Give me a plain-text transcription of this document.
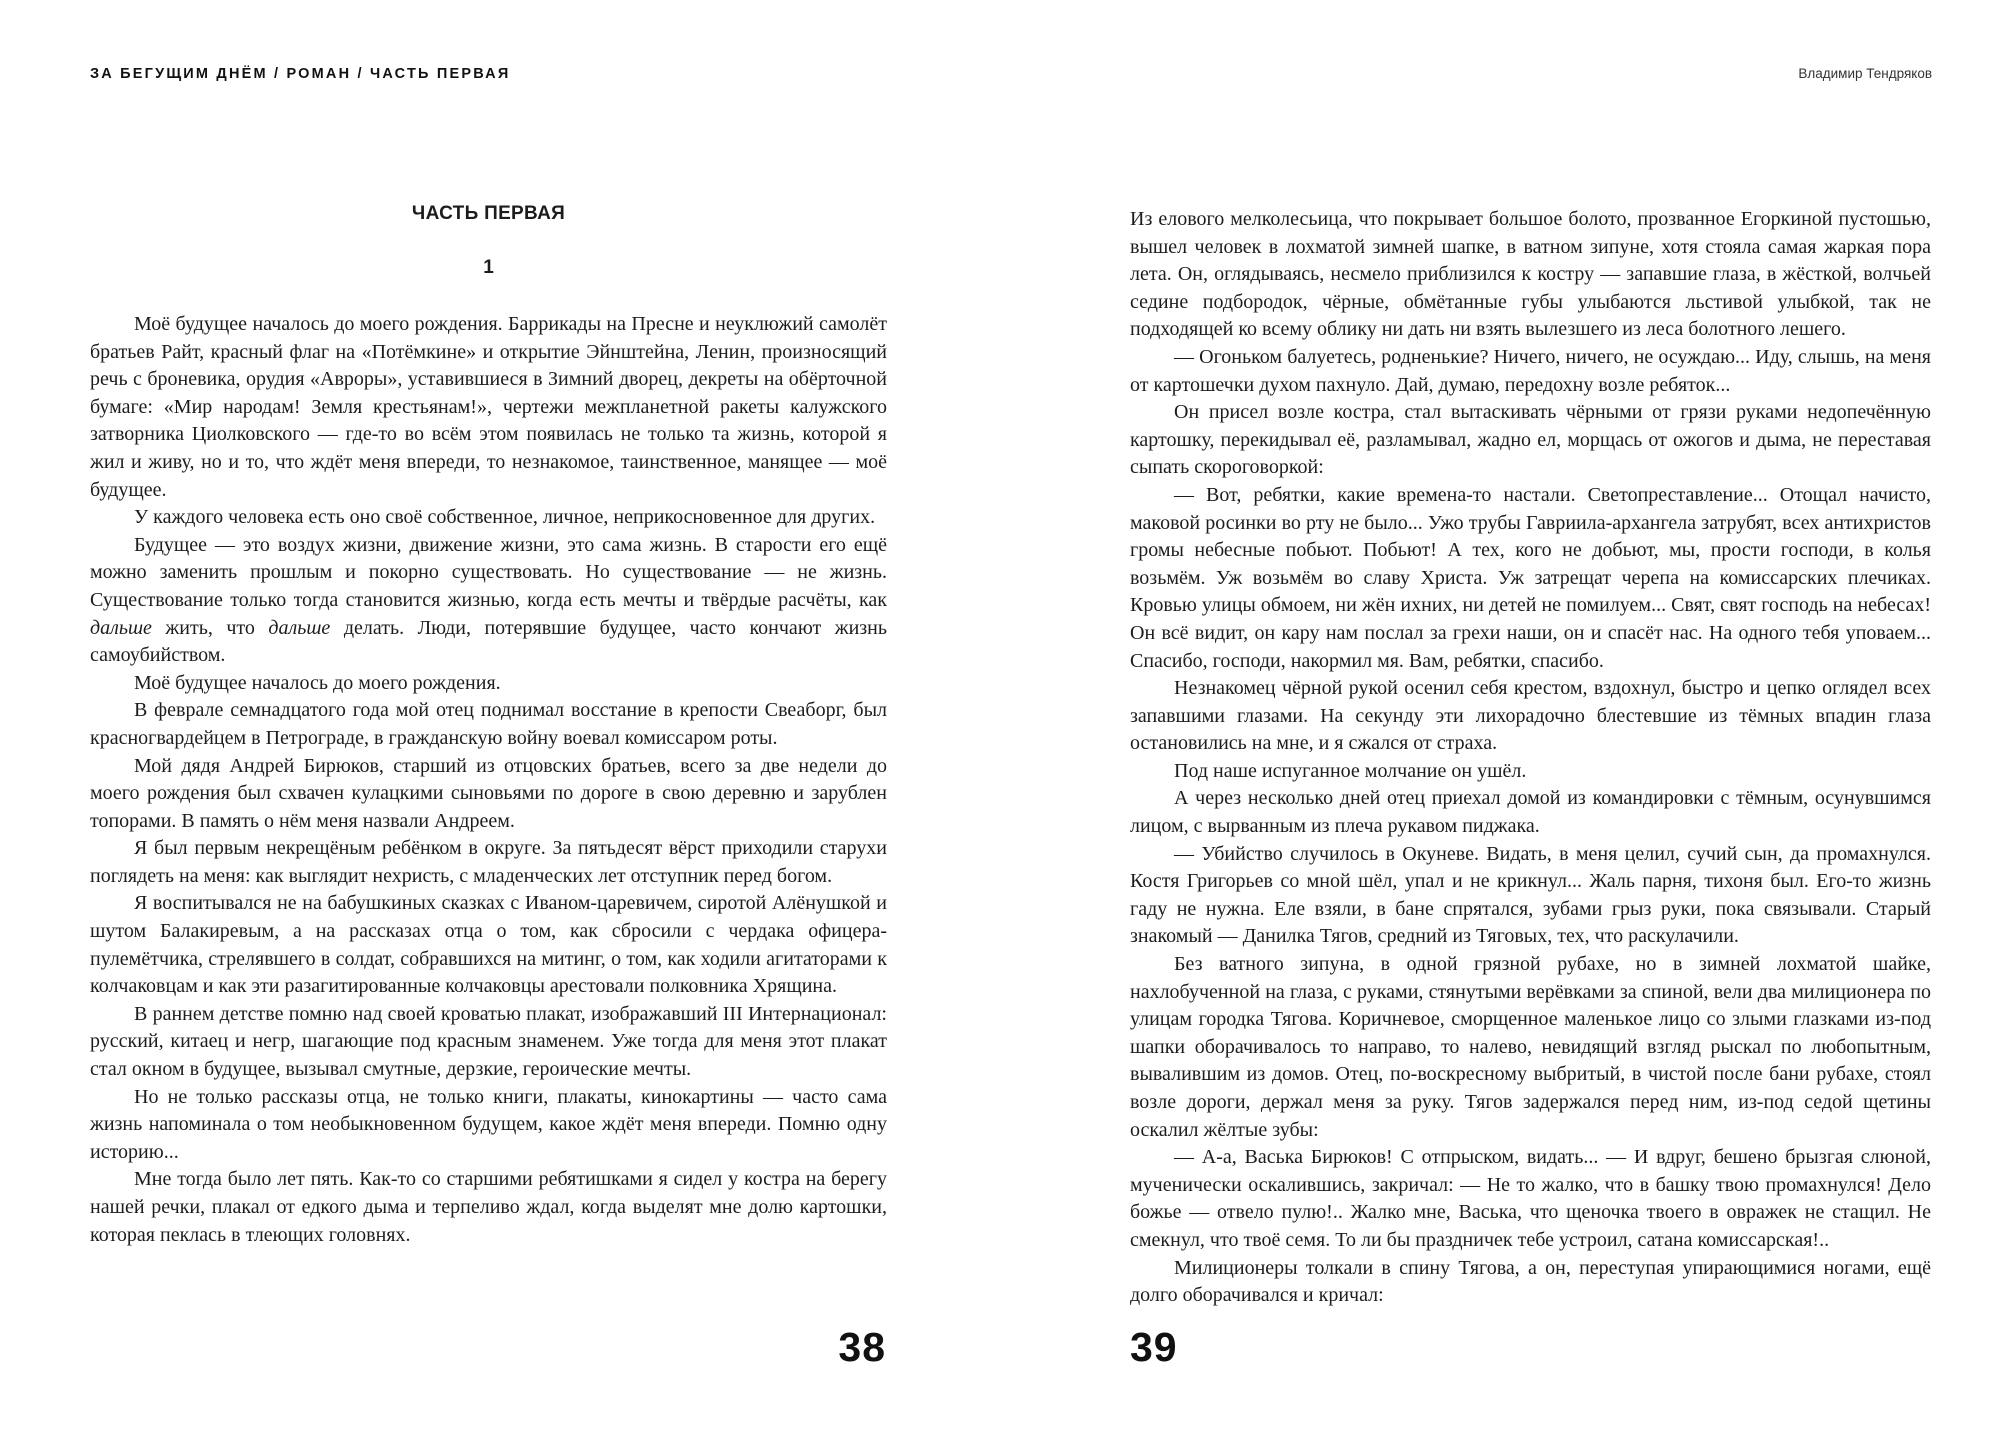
ЗА БЕГУЩИМ ДНЁМ / РОМАН / ЧАСТЬ ПЕРВАЯ
ЧАСТЬ ПЕРВАЯ
1

Моё будущее началось до моего рождения. Баррикады на Пресне и неуклюжий самолёт братьев Райт, красный флаг на «Потёмкине» и открытие Эйнштейна, Ленин, произносящий речь с броневика, орудия «Авроры», уставившиеся в Зимний дворец, декреты на обёрточной бумаге: «Мир народам! Земля крестьянам!», чертежи межпланетной ракеты калужского затворника Циолковского — где-то во всём этом появилась не только та жизнь, которой я жил и живу, но и то, что ждёт меня впереди, то незнакомое, таинственное, манящее — моё будущее.

У каждого человека есть оно своё собственное, личное, неприкосновенное для других.

Будущее — это воздух жизни, движение жизни, это сама жизнь. В старости его ещё можно заменить прошлым и покорно существовать. Но существование — не жизнь. Существование только тогда становится жизнью, когда есть мечты и твёрдые расчёты, как дальше жить, что дальше делать. Люди, потерявшие будущее, часто кончают жизнь самоубийством.

Моё будущее началось до моего рождения.

В феврале семнадцатого года мой отец поднимал восстание в крепости Свеаборг, был красногвардейцем в Петрограде, в гражданскую войну воевал комиссаром роты.

Мой дядя Андрей Бирюков, старший из отцовских братьев, всего за две недели до моего рождения был схвачен кулацкими сыновьями по дороге в свою деревню и зарублен топорами. В память о нём меня назвали Андреем.

Я был первым некрещёным ребёнком в округе. За пятьдесят вёрст приходили старухи поглядеть на меня: как выглядит нехристь, с младенческих лет отступник перед богом.

Я воспитывался не на бабушкиных сказках с Иваном-царевичем, сиротой Алёнушкой и шутом Балакиревым, а на рассказах отца о том, как сбросили с чердака офицера-пулемётчика, стрелявшего в солдат, собравшихся на митинг, о том, как ходили агитаторами к колчаковцам и как эти разагитированные колчаковцы арестовали полковника Хрящина.

В раннем детстве помню над своей кроватью плакат, изображавший III Интернационал: русский, китаец и негр, шагающие под красным знаменем. Уже тогда для меня этот плакат стал окном в будущее, вызывал смутные, дерзкие, героические мечты.

Но не только рассказы отца, не только книги, плакаты, кинокартины — часто сама жизнь напоминала о том необыкновенном будущем, какое ждёт меня впереди. Помню одну историю...

Мне тогда было лет пять. Как-то со старшими ребятишками я сидел у костра на берегу нашей речки, плакал от едкого дыма и терпеливо ждал, когда выделят мне долю картошки, которая пеклась в тлеющих головнях.

38
Владимир Тендряков

Из елового мелколесьица, что покрывает большое болото, прозванное Егоркиной пустошью, вышел человек в лохматой зимней шапке, в ватном зипуне, хотя стояла самая жаркая пора лета. Он, оглядываясь, несмело приблизился к костру — запавшие глаза, в жёсткой, волчьей седине подбородок, чёрные, обмётанные губы улыбаются льстивой улыбкой, так не подходящей ко всему облику ни дать ни взять вылезшего из леса болотного лешего.

— Огоньком балуетесь, родненькие? Ничего, ничего, не осуждаю... Иду, слышь, на меня от картошечки духом пахнуло. Дай, думаю, передохну возле ребяток...

Он присел возле костра, стал вытаскивать чёрными от грязи руками недопечённую картошку, перекидывал её, разламывал, жадно ел, морщась от ожогов и дыма, не переставая сыпать скороговоркой:

— Вот, ребятки, какие времена-то настали. Светопреставление... Отощал начисто, маковой росинки во рту не было... Ужо трубы Гавриила-архангела затрубят, всех антихристов громы небесные побьют. Побьют! А тех, кого не добьют, мы, прости господи, в колья возьмём. Уж возьмём во славу Христа. Уж затрещат черепа на комиссарских плечиках. Кровью улицы обмоем, ни жён ихних, ни детей не помилуем... Свят, свят господь на небесах! Он всё видит, он кару нам послал за грехи наши, он и спасёт нас. На одного тебя уповаем... Спасибо, господи, накормил мя. Вам, ребятки, спасибо.

Незнакомец чёрной рукой осенил себя крестом, вздохнул, быстро и цепко оглядел всех запавшими глазами. На секунду эти лихорадочно блестевшие из тёмных впадин глаза остановились на мне, и я сжался от страха.

Под наше испуганное молчание он ушёл.

А через несколько дней отец приехал домой из командировки с тёмным, осунувшимся лицом, с вырванным из плеча рукавом пиджака.

— Убийство случилось в Окуневе. Видать, в меня целил, сучий сын, да промахнулся. Костя Григорьев со мной шёл, упал и не крикнул... Жаль парня, тихоня был. Его-то жизнь гаду не нужна. Еле взяли, в бане спрятался, зубами грыз руки, пока связывали. Старый знакомый — Данилка Тягов, средний из Тяговых, тех, что раскулачили.

Без ватного зипуна, в одной грязной рубахе, но в зимней лохматой шайке, нахлобученной на глаза, с руками, стянутыми верёвками за спиной, вели два милиционера по улицам городка Тягова. Коричневое, сморщенное маленькое лицо со злыми глазками из-под шапки оборачивалось то направо, то налево, невидящий взгляд рыскал по любопытным, вывалившим из домов. Отец, по-воскресному выбритый, в чистой после бани рубахе, стоял возле дороги, держал меня за руку. Тягов задержался перед ним, из-под седой щетины оскалил жёлтые зубы:

— А-а, Васька Бирюков! С отпрыском, видать... — И вдруг, бешено брызгая слюной, мученически оскалившись, закричал: — Не то жалко, что в башку твою промахнулся! Дело божье — отвело пулю!.. Жалко мне, Васька, что щеночка твоего в овражек не стащил. Не смекнул, что твоё семя. То ли бы праздничек тебе устроил, сатана комиссарская!..

Милиционеры толкали в спину Тягова, а он, переступая упирающимися ногами, ещё долго оборачивался и кричал:

39
